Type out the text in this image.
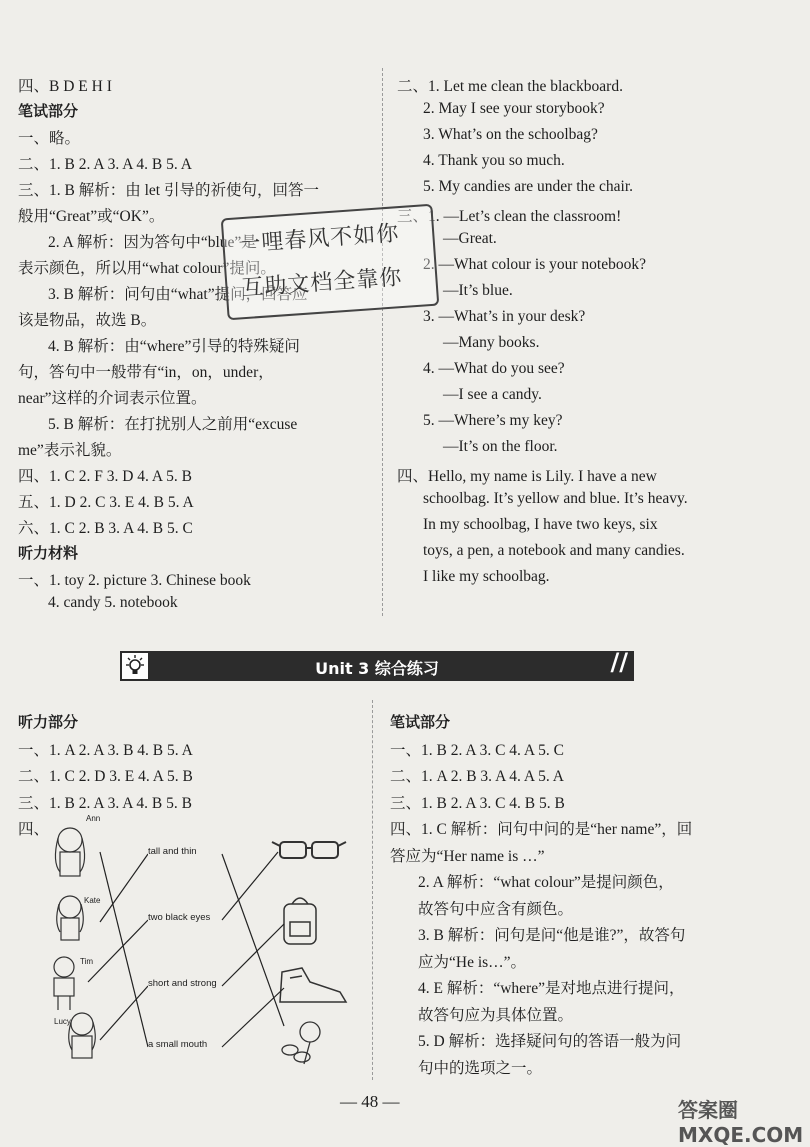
四、B D E H I
笔试部分
一、略。
二、1. B 2. A 3. A 4. B 5. A
三、1. B 解析：由 let 引导的祈使句，回答一
般用“Great”或“OK”。
2. A 解析：因为答句中“blue”是
表示颜色，所以用“what colour”提问。
3. B 解析：问句由“what”提问，回答应
该是物品，故选 B。
4. B 解析：由“where”引导的特殊疑问
句，答句中一般带有“in，on，under，
near”这样的介词表示位置。
5. B 解析：在打扰别人之前用“excuse
me”表示礼貌。
四、1. C 2. F 3. D 4. A 5. B
五、1. D 2. C 3. E 4. B 5. A
六、1. C 2. B 3. A 4. B 5. C
听力材料
一、1. toy 2. picture 3. Chinese book
4. candy 5. notebook
二、1. Let me clean the blackboard.
2. May I see your storybook?
3. What’s on the schoolbag?
4. Thank you so much.
5. My candies are under the chair.
三、1. —Let’s clean the classroom!
—Great.
2. —What colour is your notebook?
—It’s blue.
3. —What’s in your desk?
—Many books.
4. —What do you see?
—I see a candy.
5. —Where’s my key?
—It’s on the floor.
四、Hello, my name is Lily. I have a new
schoolbag. It’s yellow and blue. It’s heavy.
In my schoolbag, I have two keys, six
toys, a pen, a notebook and many candies.
I like my schoolbag.
一哩春风不如你
互助文档全靠你
Unit 3 综合练习	//
听力部分
一、1. A 2. A 3. B 4. B 5. A
二、1. C 2. D 3. E 4. A 5. B
三、1. B 2. A 3. A 4. B 5. B
四、
Ann
Kate
Tim
Lucy
tall and thin
two black eyes
short and strong
a small mouth
笔试部分
一、1. B 2. A 3. C 4. A 5. C
二、1. A 2. B 3. A 4. A 5. A
三、1. B 2. A 3. C 4. B 5. B
四、1. C 解析：问句中问的是“her name”，回
答应为“Her name is …”
2. A 解析：“what colour”是提问颜色，
故答句中应含有颜色。
3. B 解析：问句是问“他是谁?”，故答句
应为“He is…”。
4. E 解析：“where”是对地点进行提问，
故答句应为具体位置。
5. D 解析：选择疑问句的答语一般为问
句中的选项之一。
— 48 —	答案圈 MXQE.COM
